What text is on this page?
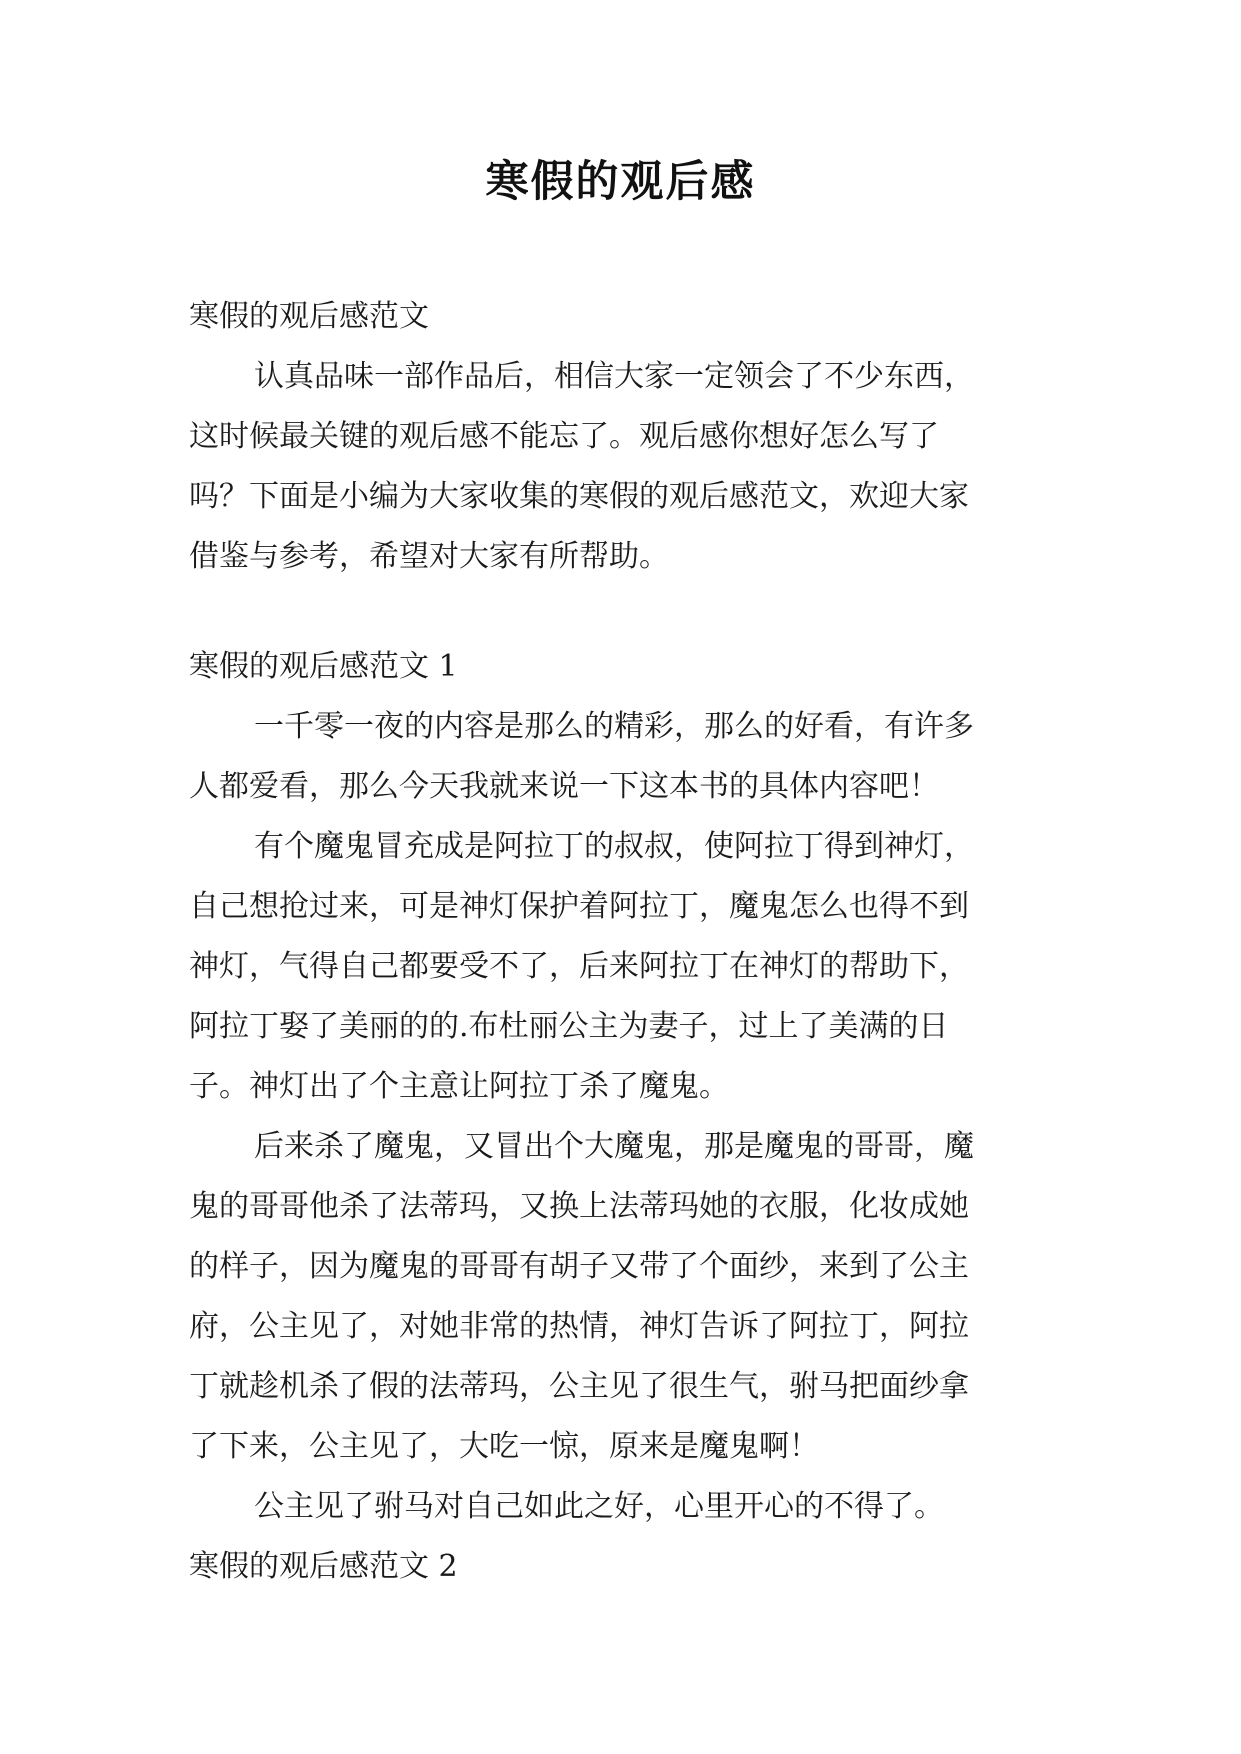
寒假的观后感
寒假的观后感范文
认真品味一部作品后，相信大家一定领会了不少东西，
这时候最关键的观后感不能忘了。观后感你想好怎么写了
吗？下面是小编为大家收集的寒假的观后感范文，欢迎大家
借鉴与参考，希望对大家有所帮助。
寒假的观后感范文 1
一千零一夜的内容是那么的精彩，那么的好看，有许多
人都爱看，那么今天我就来说一下这本书的具体内容吧！
有个魔鬼冒充成是阿拉丁的叔叔，使阿拉丁得到神灯，
自己想抢过来，可是神灯保护着阿拉丁，魔鬼怎么也得不到
神灯，气得自己都要受不了，后来阿拉丁在神灯的帮助下，
阿拉丁娶了美丽的的.布杜丽公主为妻子，过上了美满的日
子。神灯出了个主意让阿拉丁杀了魔鬼。
后来杀了魔鬼，又冒出个大魔鬼，那是魔鬼的哥哥，魔
鬼的哥哥他杀了法蒂玛，又换上法蒂玛她的衣服，化妆成她
的样子，因为魔鬼的哥哥有胡子又带了个面纱，来到了公主
府，公主见了，对她非常的热情，神灯告诉了阿拉丁，阿拉
丁就趁机杀了假的法蒂玛，公主见了很生气，驸马把面纱拿
了下来，公主见了，大吃一惊，原来是魔鬼啊！
公主见了驸马对自己如此之好，心里开心的不得了。
寒假的观后感范文 2
